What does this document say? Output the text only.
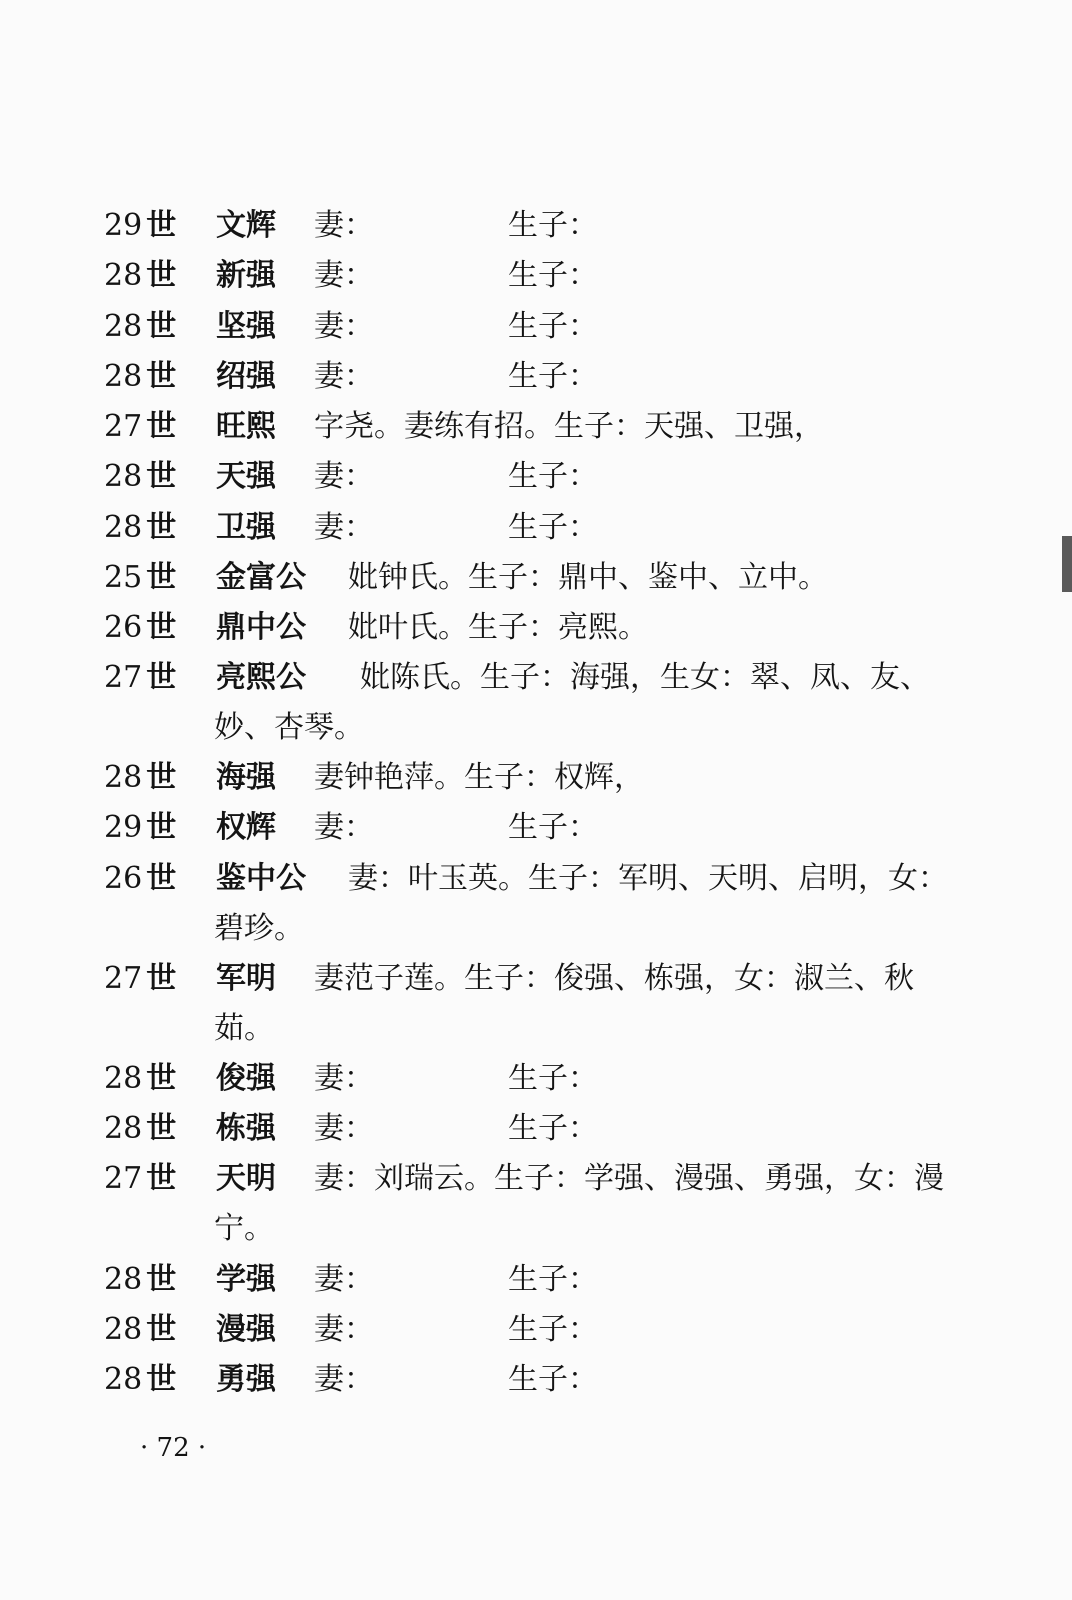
29 世 文辉 妻：	生子：
28 世 新强 妻：	生子：
28 世 坚强 妻：	生子：
28 世 绍强 妻：	生子：
27 世 旺熙 字尧。妻练有招。生子：天强、卫强，
28 世 天强 妻：	生子：
28 世 卫强 妻：	生子：
25 世 金富公 妣钟氏。生子：鼎中、鉴中、立中。
26 世 鼎中公 妣叶氏。生子：亮熙。
27 世 亮熙公 妣陈氏。生子：海强，生女：翠、凤、友、
妙、杏琴。
28 世 海强 妻钟艳萍。生子：权辉，
29 世 权辉 妻：	生子：
26 世 鉴中公 妻：叶玉英。生子：军明、天明、启明，女：
碧珍。
27 世 军明 妻范子莲。生子：俊强、栋强，女：淑兰、秋
茹。
28 世 俊强 妻：	生子：
28 世 栋强 妻：	生子：
27 世 天明 妻：刘瑞云。生子：学强、漫强、勇强，女：漫
宁。
28 世 学强 妻：	生子：
28 世 漫强 妻：	生子：
28 世 勇强 妻：	生子：
· 72 ·
